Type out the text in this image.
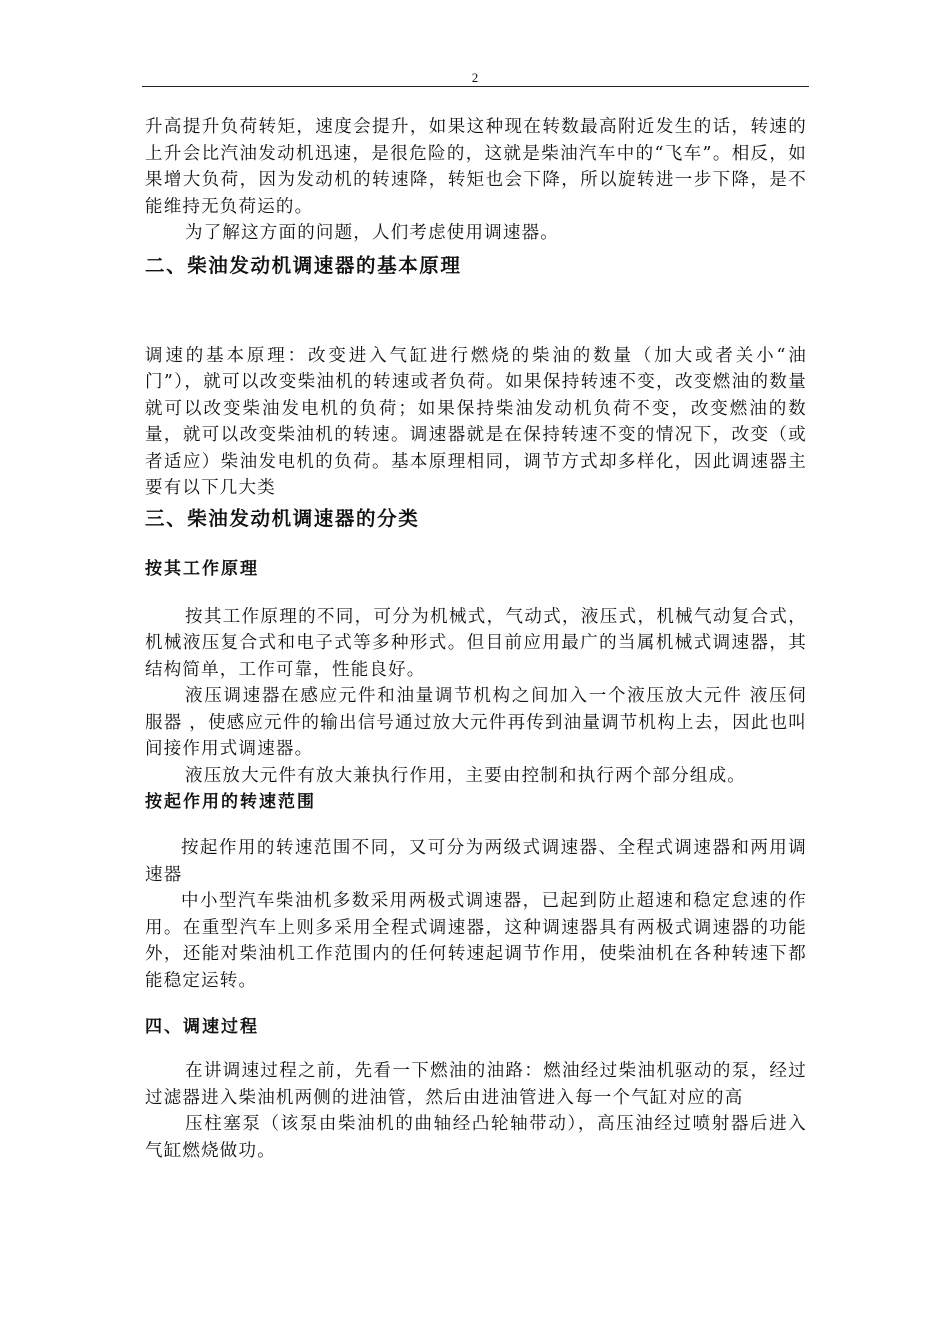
2

升高提升负荷转矩，速度会提升，如果这种现在转数最高附近发生的话，转速的上升会比汽油发动机迅速，是很危险的，这就是柴油汽车中的“飞车”。相反，如果增大负荷，因为发动机的转速降，转矩也会下降，所以旋转进一步下降，是不能维持无负荷运的。

为了解这方面的问题，人们考虑使用调速器。

二、柴油发动机调速器的基本原理

调速的基本原理：改变进入气缸进行燃烧的柴油的数量（加大或者关小“油门”），就可以改变柴油机的转速或者负荷。如果保持转速不变，改变燃油的数量就可以改变柴油发电机的负荷；如果保持柴油发动机负荷不变，改变燃油的数量，就可以改变柴油机的转速。调速器就是在保持转速不变的情况下，改变（或者适应）柴油发电机的负荷。基本原理相同，调节方式却多样化，因此调速器主要有以下几大类

三、柴油发动机调速器的分类
按其工作原理

按其工作原理的不同，可分为机械式，气动式，液压式，机械气动复合式，机械液压复合式和电子式等多种形式。但目前应用最广的当属机械式调速器，其结构简单，工作可靠，性能良好。

液压调速器在感应元件和油量调节机构之间加入一个液压放大元件 液压伺服器 ，使感应元件的输出信号通过放大元件再传到油量调节机构上去，因此也叫间接作用式调速器。

液压放大元件有放大兼执行作用，主要由控制和执行两个部分组成。

按起作用的转速范围

按起作用的转速范围不同，又可分为两级式调速器、全程式调速器和两用调速器

中小型汽车柴油机多数采用两极式调速器，已起到防止超速和稳定怠速的作用。在重型汽车上则多采用全程式调速器，这种调速器具有两极式调速器的功能外，还能对柴油机工作范围内的任何转速起调节作用，使柴油机在各种转速下都能稳定运转。

四、调速过程

在讲调速过程之前，先看一下燃油的油路：燃油经过柴油机驱动的泵，经过过滤器进入柴油机两侧的进油管，然后由进油管进入每一个气缸对应的高

压柱塞泵（该泵由柴油机的曲轴经凸轮轴带动），高压油经过喷射器后进入气缸燃烧做功。
